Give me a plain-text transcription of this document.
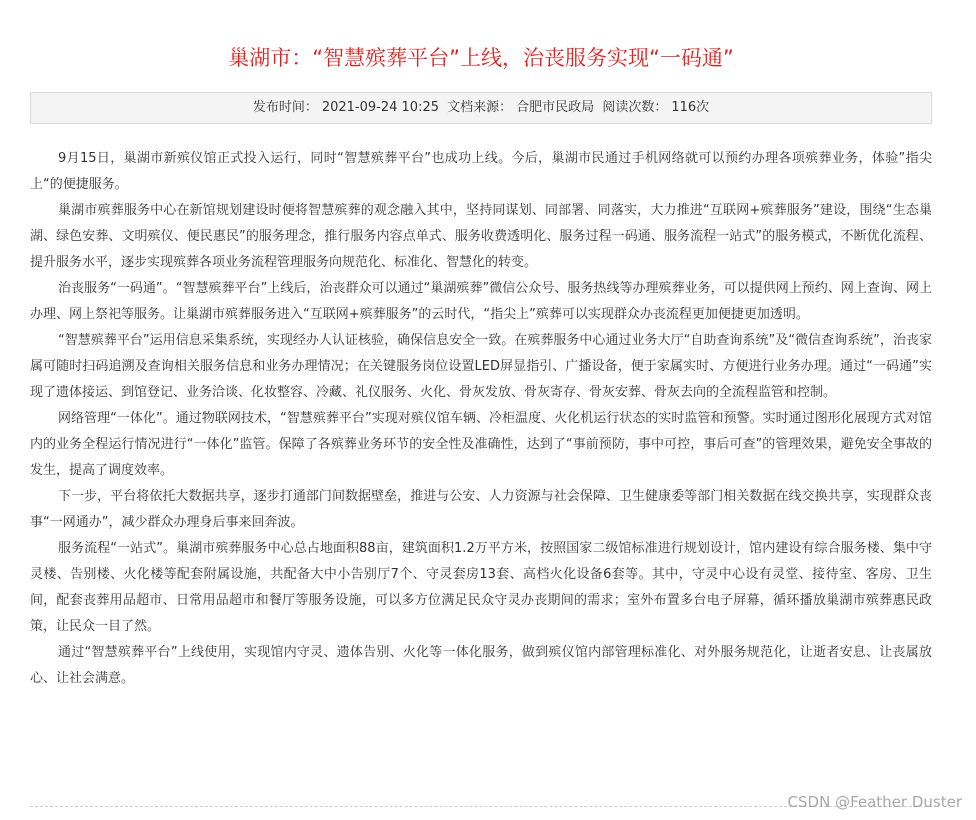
巢湖市：“智慧殡葬平台”上线，治丧服务实现“一码通”
发布时间： 2021-09-24 10:25 文档来源： 合肥市民政局 阅读次数： 116次

9月15日，巢湖市新殡仪馆正式投入运行，同时“智慧殡葬平台”也成功上线。今后，巢湖市民通过手机网络就可以预约办理各项殡葬业务，体验”指尖上“的便捷服务。

巢湖市殡葬服务中心在新馆规划建设时便将智慧殡葬的观念融入其中，坚持同谋划、同部署、同落实，大力推进“互联网+殡葬服务”建设，围绕“生态巢湖、绿色安葬、文明殡仪、便民惠民”的服务理念，推行服务内容点单式、服务收费透明化、服务过程一码通、服务流程一站式”的服务模式，不断优化流程、提升服务水平，逐步实现殡葬各项业务流程管理服务向规范化、标准化、智慧化的转变。

治丧服务“一码通”。“智慧殡葬平台”上线后，治丧群众可以通过“巢湖殡葬”微信公众号、服务热线等办理殡葬业务，可以提供网上预约、网上查询、网上办理、网上祭祀等服务。让巢湖市殡葬服务进入“互联网+殡葬服务”的云时代，“指尖上”殡葬可以实现群众办丧流程更加便捷更加透明。

“智慧殡葬平台”运用信息采集系统，实现经办人认证核验，确保信息安全一致。在殡葬服务中心通过业务大厅“自助查询系统”及“微信查询系统”，治丧家属可随时扫码追溯及查询相关服务信息和业务办理情况；在关键服务岗位设置LED屏显指引、广播设备，便于家属实时、方便进行业务办理。通过“一码通”实现了遗体接运、到馆登记、业务洽谈、化妆整容、冷藏、礼仪服务、火化、骨灰发放、骨灰寄存、骨灰安葬、骨灰去向的全流程监管和控制。

网络管理“一体化”。通过物联网技术，“智慧殡葬平台”实现对殡仪馆车辆、冷柜温度、火化机运行状态的实时监管和预警。实时通过图形化展现方式对馆内的业务全程运行情况进行“一体化”监管。保障了各殡葬业务环节的安全性及准确性，达到了“事前预防，事中可控，事后可查”的管理效果，避免安全事故的发生，提高了调度效率。

下一步，平台将依托大数据共享，逐步打通部门间数据壁垒，推进与公安、人力资源与社会保障、卫生健康委等部门相关数据在线交换共享，实现群众丧事“一网通办”，减少群众办理身后事来回奔波。

服务流程“一站式”。巢湖市殡葬服务中心总占地面积88亩，建筑面积1.2万平方米，按照国家二级馆标准进行规划设计，馆内建设有综合服务楼、集中守灵楼、告别楼、火化楼等配套附属设施，共配备大中小告别厅7个、守灵套房13套、高档火化设备6套等。其中，守灵中心设有灵堂、接待室、客房、卫生间，配套丧葬用品超市、日常用品超市和餐厅等服务设施，可以多方位满足民众守灵办丧期间的需求；室外布置多台电子屏幕，循环播放巢湖市殡葬惠民政策，让民众一目了然。

通过“智慧殡葬平台”上线使用，实现馆内守灵、遗体告别、火化等一体化服务，做到殡仪馆内部管理标准化、对外服务规范化，让逝者安息、让丧属放心、让社会满意。

CSDN @Feather Duster
